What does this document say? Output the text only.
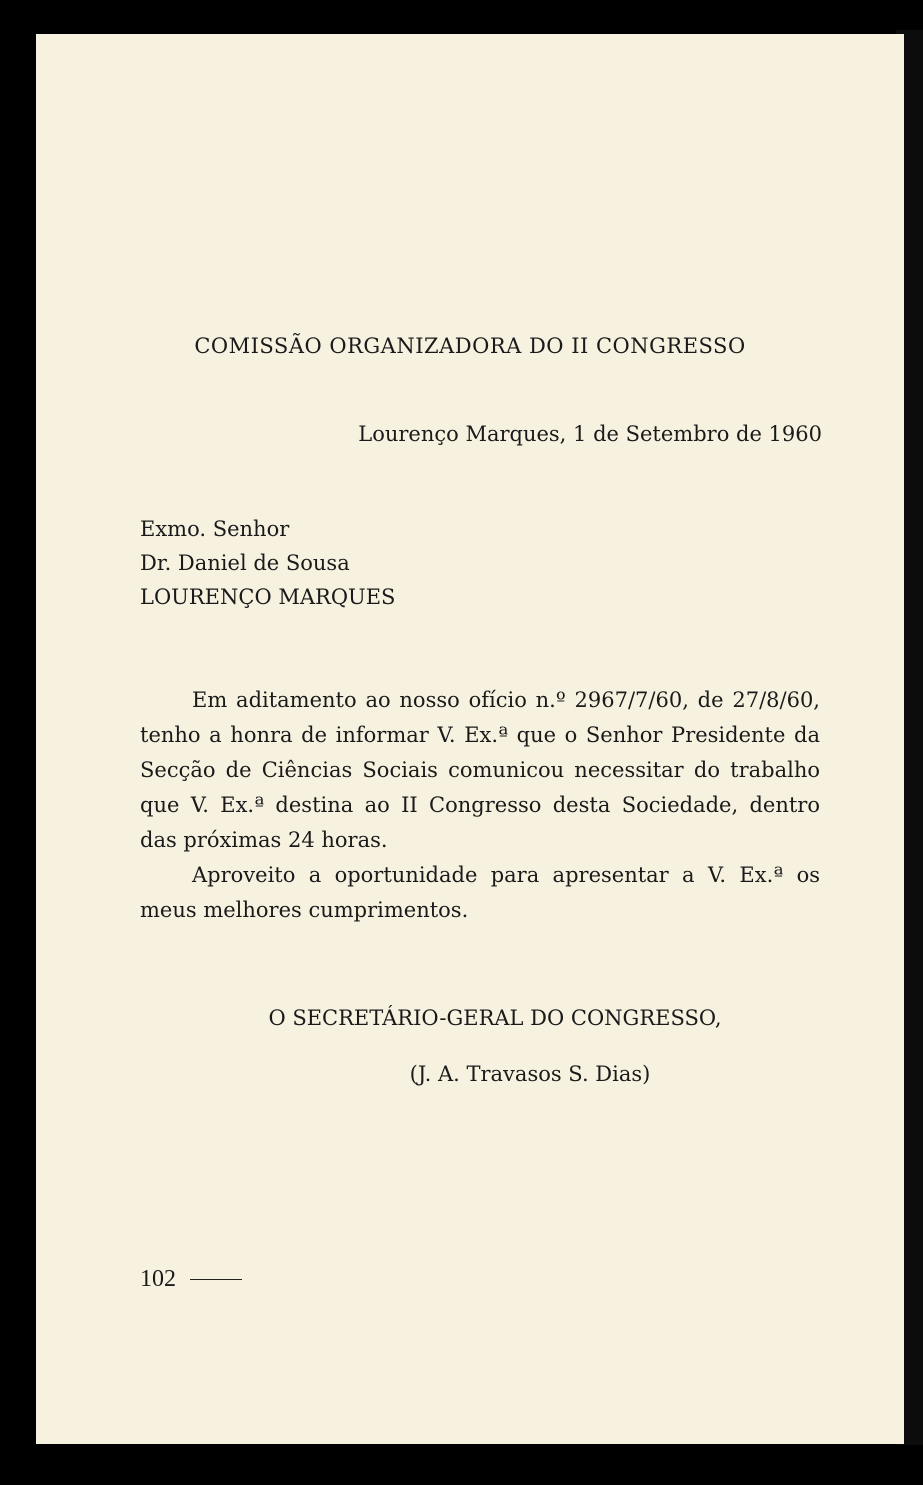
COMISSÃO ORGANIZADORA DO II CONGRESSO
Lourenço Marques, 1 de Setembro de 1960
Exmo. Senhor
Dr. Daniel de Sousa
LOURENÇO MARQUES

Em aditamento ao nosso ofício n.º 2967/7/60, de 27/8/60, tenho a honra de informar V. Ex.ª que o Senhor Presidente da Secção de Ciências Sociais comunicou necessitar do trabalho que V. Ex.ª destina ao II Congresso desta Sociedade, dentro das próximas 24 horas.

Aproveito a oportunidade para apresentar a V. Ex.ª os meus melhores cumprimentos.

O SECRETÁRIO-GERAL DO CONGRESSO,
(J. A. Travasos S. Dias)
102
